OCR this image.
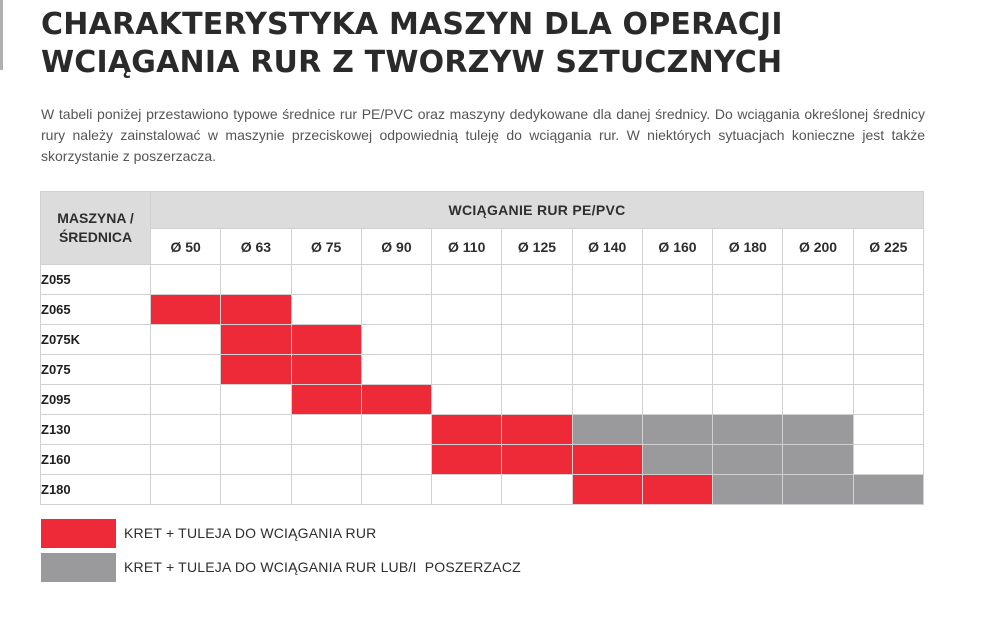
CHARAKTERYSTYKA MASZYN DLA OPERACJI
WCIĄGANIA RUR Z TWORZYW SZTUCZNYCH

W tabeli poniżej przestawiono typowe średnice rur PE/PVC oraz maszyny dedykowane dla danej średnicy. Do wciągania określonej średnicy rury należy zainstalować w maszynie przeciskowej odpowiednią tuleję do wciągania rur. W niektórych sytuacjach konieczne jest także skorzystanie z poszerzacza.

MASZYNA /
ŚREDNICA	WCIĄGANIE RUR PE/PVC										
	Ø 50	Ø 63	Ø 75	Ø 90	Ø 110	Ø 125	Ø 140	Ø 160	Ø 180	Ø 200	Ø 225
Z055											
Z065											
Z075K											
Z075											
Z095											
Z130											
Z160											
Z180											
KRET + TULEJA DO WCIĄGANIA RUR
KRET + TULEJA DO WCIĄGANIA RUR LUB/I  POSZERZACZ
